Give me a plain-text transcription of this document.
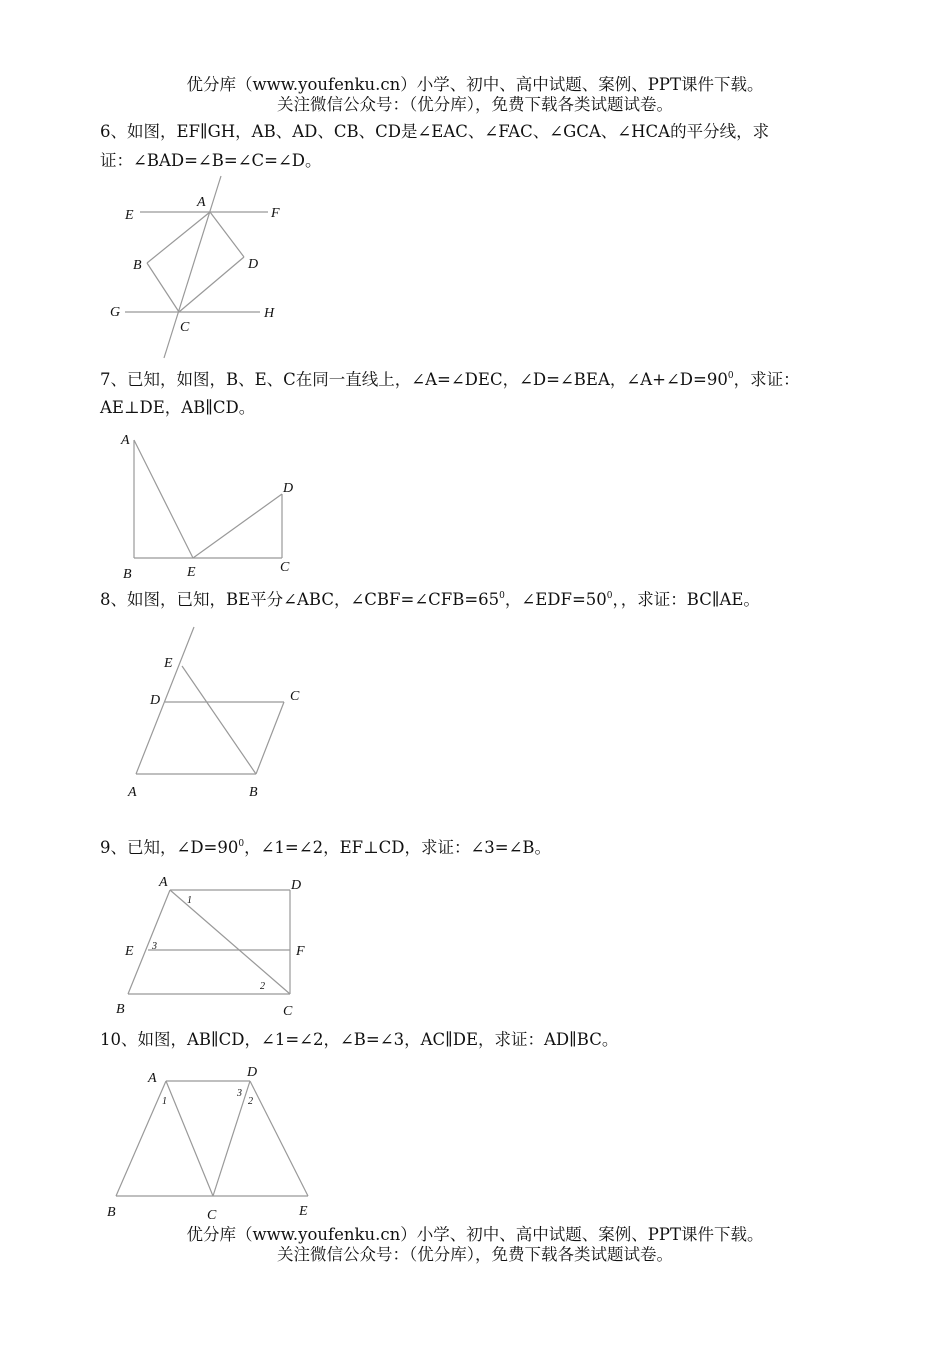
优分库（www.youfenku.cn）小学、初中、高中试题、案例、PPT课件下载。
关注微信公众号：（优分库），免费下载各类试题试卷。
6、如图，EF∥GH，AB、AD、CB、CD是∠EAC、∠FAC、∠GCA、∠HCA的平分线，求
证：∠BAD=∠B=∠C=∠D。
A
E	F
B	D
G	H
C
7、已知，如图，B、E、C在同一直线上，∠A=∠DEC，∠D=∠BEA，$\angle A+\angle D=90^0$，求证：
AE⊥DE，AB∥CD。
A
D
B	E	C
8、如图，已知，BE平分∠ABC，$\angle CBF=\angle CFB=65^0$，$\angle EDF=50^0$，，求证：BC∥AE。
E
D	C
A	B
9、已知，$\angle D=90^0$，∠1=∠2，EF⊥CD，求证：∠3=∠B。
A	D
E	F
B	C
1
3
2
10、如图，AB∥CD，∠1=∠2，∠B=∠3，AC∥DE，求证：AD∥BC。
A	D
B	C	E
1
3
2
优分库（www.youfenku.cn）小学、初中、高中试题、案例、PPT课件下载。
关注微信公众号：（优分库），免费下载各类试题试卷。
